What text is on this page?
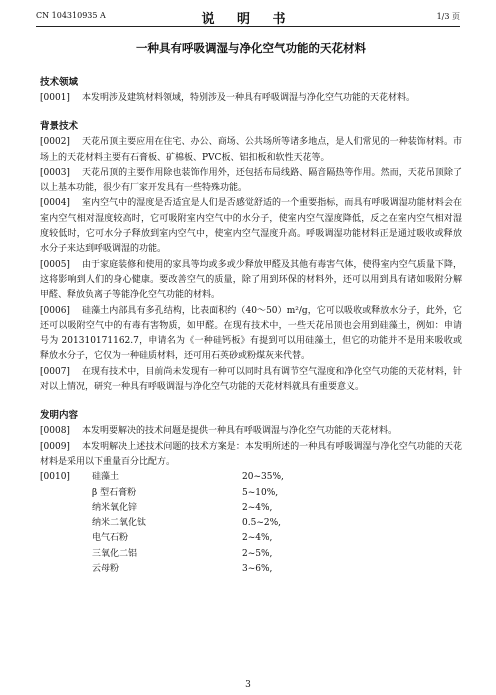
CN 104310935 A	说 明 书	1/3 页
一种具有呼吸调湿与净化空气功能的天花材料
技术领域

[0001] 本发明涉及建筑材料领域，特别涉及一种具有呼吸调湿与净化空气功能的天花材料。

背景技术

[0002] 天花吊顶主要应用在住宅、办公、商场、公共场所等诸多地点，是人们常见的一种装饰材料。市场上的天花材料主要有石膏板、矿棉板、PVC板、铝扣板和软性天花等。

[0003] 天花吊顶的主要作用除也装饰作用外，还包括布局线路、隔音隔热等作用。然而，天花吊顶除了以上基本功能，很少有厂家开发具有一些特殊功能。

[0004] 室内空气中的湿度是否适宜是人们是否感觉舒适的一个重要指标，而具有呼吸调湿功能材料会在室内空气相对湿度较高时，它可吸附室内空气中的水分子，使室内空气湿度降低，反之在室内空气相对湿度较低时，它可水分子释放到室内空气中，使室内空气湿度升高。呼吸调湿功能材料正是通过吸收或释放水分子来达到呼吸调湿的功能。

[0005] 由于家庭装修和使用的家具等均或多或少释放甲醛及其他有毒害气体，使得室内空气质量下降，这将影响到人们的身心健康。要改善空气的质量，除了用到环保的材料外，还可以用到具有诸如吸附分解甲醛、释放负离子等能净化空气功能的材料。

[0006] 硅藻土内部具有多孔结构，比表面积约（40～50）m²/g，它可以吸收或释放水分子，此外，它还可以吸附空气中的有毒有害物质，如甲醛。在现有技术中，一些天花吊顶也会用到硅藻土，例如：申请号为 201310171162.7，申请名为《一种硅钙板》有提到可以用硅藻土，但它的功能并不是用来吸收或释放水分子，它仅为一种硅质材料，还可用石英砂或粉煤灰来代替。

[0007] 在现有技术中，目前尚未发现有一种可以同时具有调节空气湿度和净化空气功能的天花材料，针对以上情况，研究一种具有呼吸调湿与净化空气功能的天花材料就具有重要意义。

发明内容

[0008] 本发明要解决的技术问题是提供一种具有呼吸调湿与净化空气功能的天花材料。

[0009] 本发明解决上述技术问题的技术方案是：本发明所述的一种具有呼吸调湿与净化空气功能的天花材料是采用以下重量百分比配方。

[0010]	硅藻土	20~35%,
	β 型石膏粉	5~10%,
	纳米氧化锌	2~4%,
	纳米二氧化钛	0.5~2%,
	电气石粉	2~4%,
	三氧化二铝	2~5%,
	云母粉	3~6%,
3
